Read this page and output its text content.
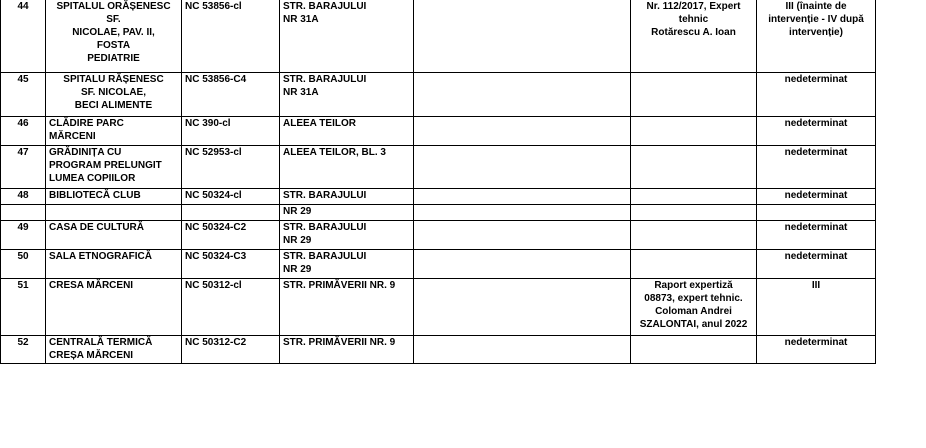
44	SPITALUL ORĂȘENESC SF.
NICOLAE, PAV. II,
FOSTA
PEDIATRIE	NC 53856-cl	STR. BARAJULUI
NR 31A		Nr. 112/2017, Expert
tehnic
Rotărescu A. Ioan	III (înainte de
intervenție - IV după
intervenție)

45	SPITALU RĂȘENESC
SF. NICOLAE,
BECI ALIMENTE	NC 53856-C4	STR. BARAJULUI
NR 31A			nedeterminat

46	CLĂDIRE PARC
MĂRCENI	NC 390-cl	ALEEA TEILOR			nedeterminat

47	GRĂDINIȚA CU
PROGRAM PRELUNGIT
LUMEA COPIILOR	NC 52953-cl	ALEEA TEILOR, BL. 3			nedeterminat

48	BIBLIOTECĂ CLUB	NC 50324-cl	STR. BARAJULUI			nedeterminat

			NR 29			

49	CASA DE CULTURĂ	NC 50324-C2	STR. BARAJULUI
NR 29			nedeterminat

50	SALA ETNOGRAFICĂ	NC 50324-C3	STR. BARAJULUI
NR 29			nedeterminat

51	CRESA MĂRCENI	NC 50312-cl	STR. PRIMĂVERII NR. 9		Raport expertiză
08873, expert tehnic.
Coloman Andrei
SZALONTAI, anul 2022	III

52	CENTRALĂ TERMICĂ
CREȘA MĂRCENI	NC 50312-C2	STR. PRIMĂVERII NR. 9			nedeterminat
